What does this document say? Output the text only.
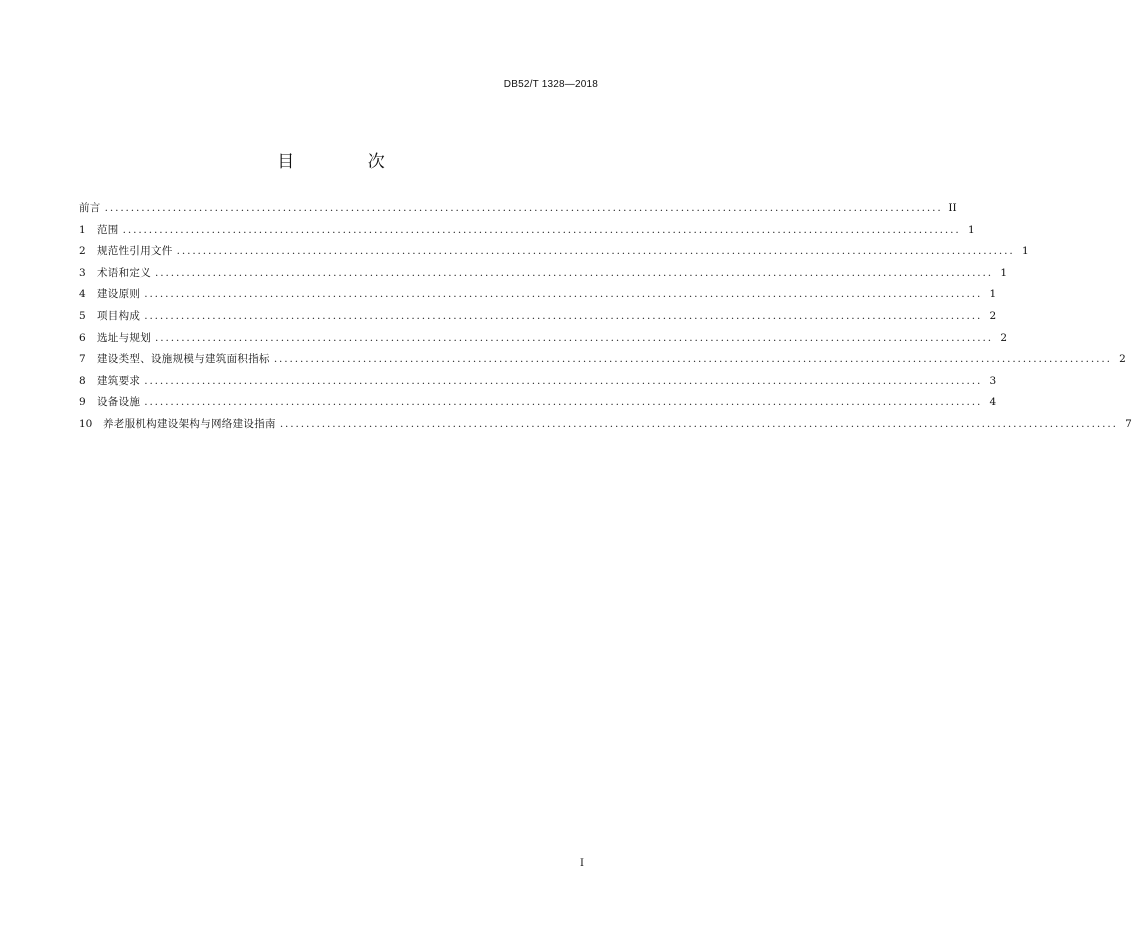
DB52/T 1328—2018
目 次
前言 ................................................................................................................................................................ II
1	范围 ................................................................................................................................................................ 1
2	规范性引用文件 ................................................................................................................................................................ 1
3	术语和定义 ................................................................................................................................................................ 1
4	建设原则 ................................................................................................................................................................ 1
5	项目构成 ................................................................................................................................................................ 2
6	选址与规划 ................................................................................................................................................................ 2
7	建设类型、设施规模与建筑面积指标 ................................................................................................................................................................ 2
8	建筑要求 ................................................................................................................................................................ 3
9	设备设施 ................................................................................................................................................................ 4
10	养老服机构建设架构与网络建设指南 ................................................................................................................................................................ 7
I
